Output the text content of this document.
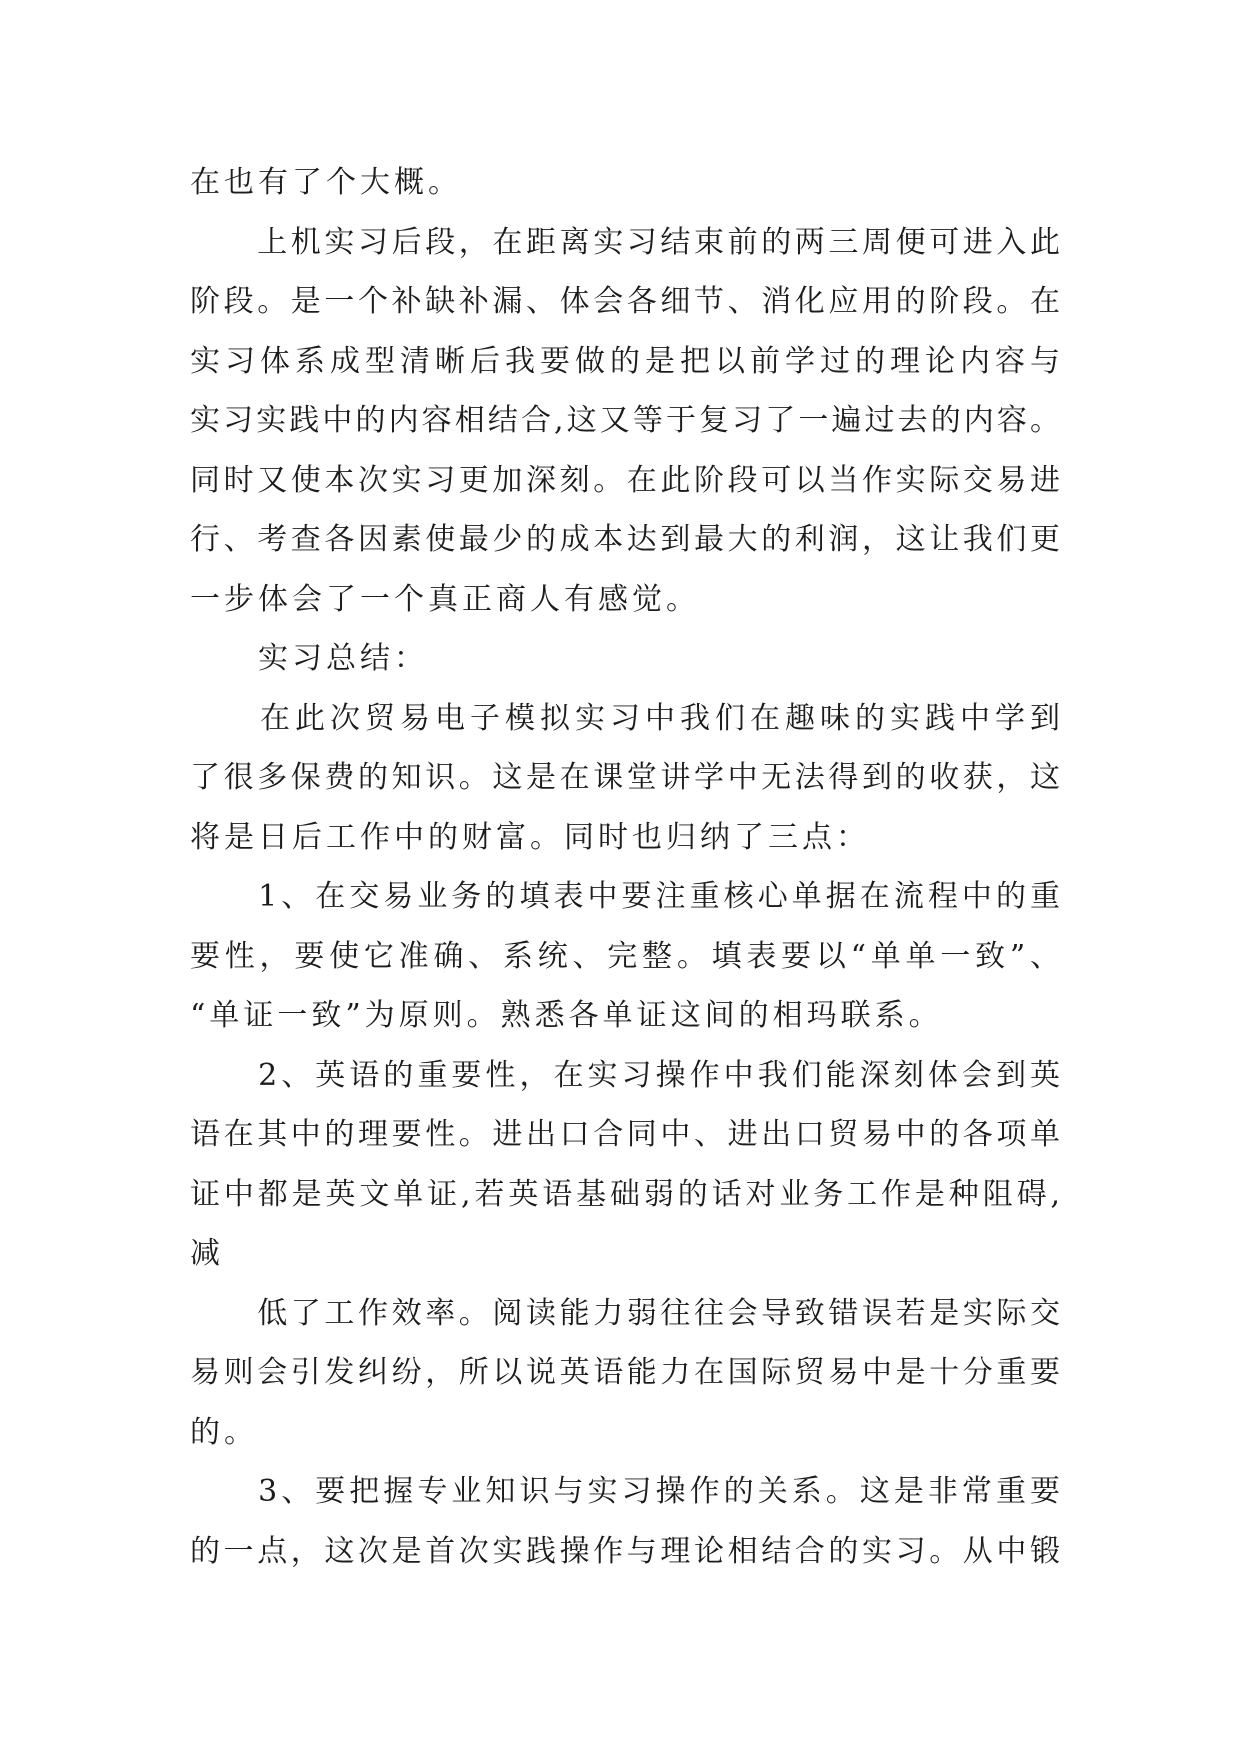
在也有了个大概。
　　上机实习后段，在距离实习结束前的两三周便可进入此
阶段。是一个补缺补漏、体会各细节、消化应用的阶段。在
实习体系成型清晰后我要做的是把以前学过的理论内容与
实习实践中的内容相结合,这又等于复习了一遍过去的内容。
同时又使本次实习更加深刻。在此阶段可以当作实际交易进
行、考查各因素使最少的成本达到最大的利润，这让我们更
一步体会了一个真正商人有感觉。
　　实习总结：
　　在此次贸易电子模拟实习中我们在趣味的实践中学到
了很多保费的知识。这是在课堂讲学中无法得到的收获，这
将是日后工作中的财富。同时也归纳了三点：
　　1、在交易业务的填表中要注重核心单据在流程中的重
要性，要使它准确、系统、完整。填表要以“单单一致”、
“单证一致”为原则。熟悉各单证这间的相玛联系。
　　2、英语的重要性，在实习操作中我们能深刻体会到英
语在其中的理要性。进出口合同中、进出口贸易中的各项单
证中都是英文单证,若英语基础弱的话对业务工作是种阻碍,
减
　　低了工作效率。阅读能力弱往往会导致错误若是实际交
易则会引发纠纷，所以说英语能力在国际贸易中是十分重要
的。
　　3、要把握专业知识与实习操作的关系。这是非常重要
的一点，这次是首次实践操作与理论相结合的实习。从中锻
